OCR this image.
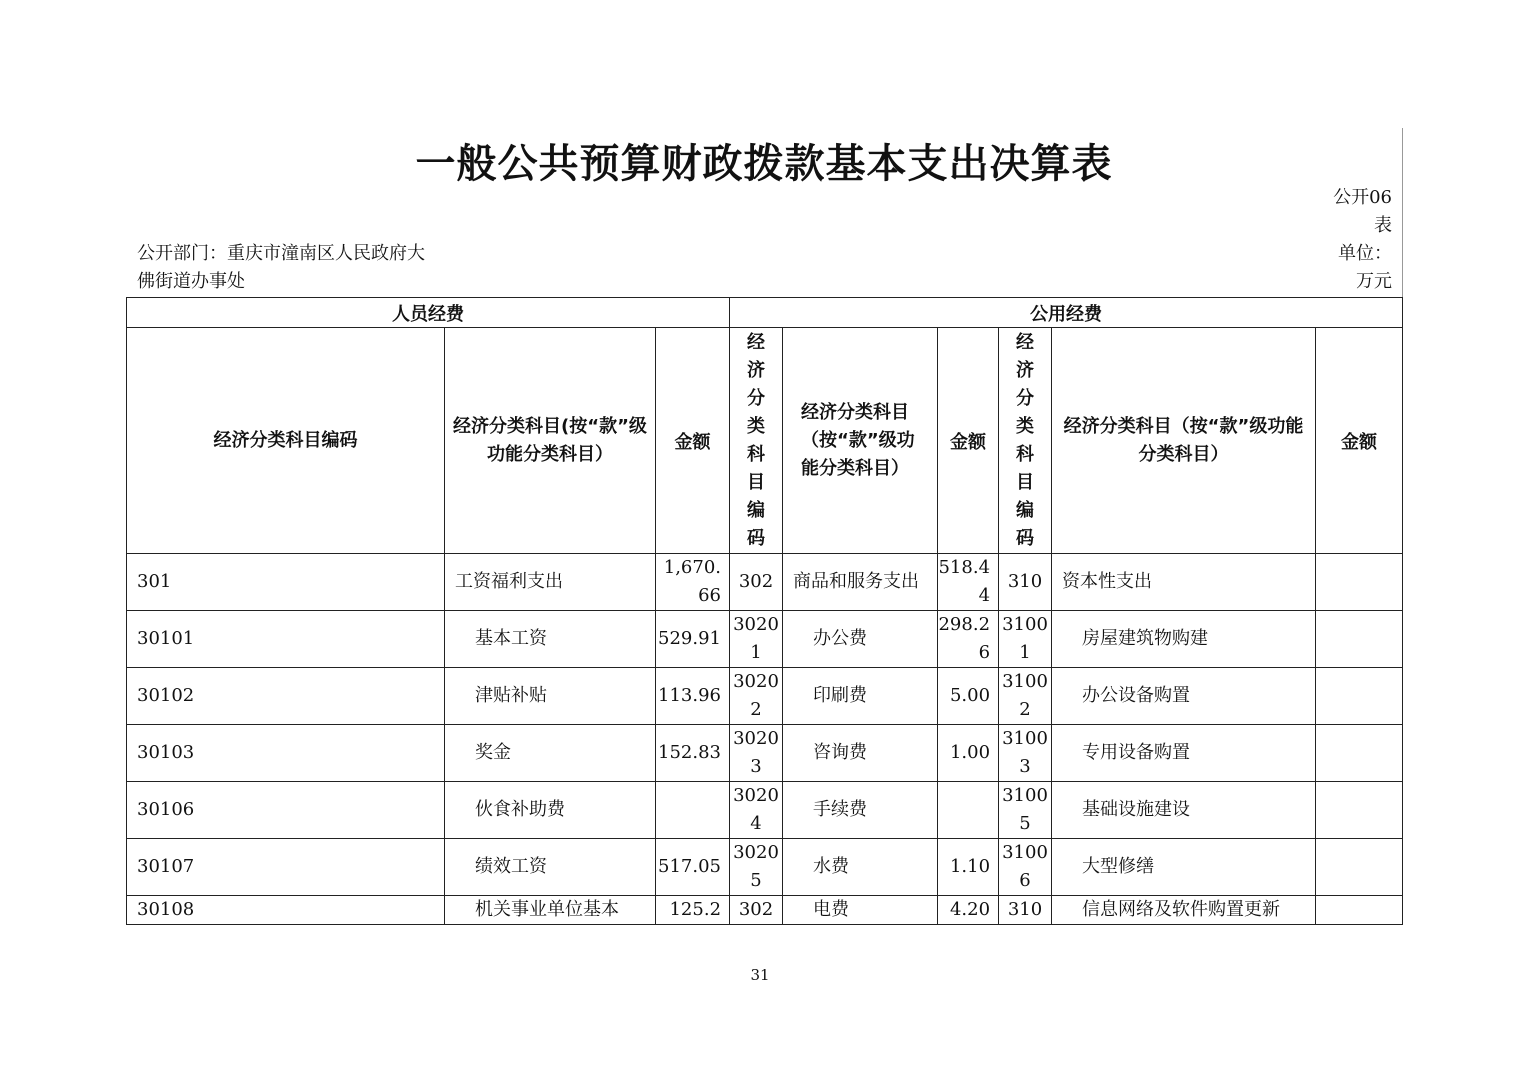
一般公共预算财政拨款基本支出决算表
公开06表
公开部门：重庆市潼南区人民政府大佛街道办事处
单位：万元
人员经费			公用经费					

经济分类科目编码	经济分类科目(按“款”级功能分类科目）	金额	经济分类科目编码	经济分类科目（按“款”级功能分类科目）	金额	经济分类科目编码	经济分类科目（按“款”级功能分类科目）	金额
301	工资福利支出	1,670.66	302	商品和服务支出	518.44	310	资本性支出	
30101	基本工资	529.91	30201	办公费	298.26	31001	房屋建筑物购建	
30102	津贴补贴	113.96	30202	印刷费	5.00	31002	办公设备购置	
30103	奖金	152.83	30203	咨询费	1.00	31003	专用设备购置	
30106	伙食补助费		30204	手续费		31005	基础设施建设	
30107	绩效工资	517.05	30205	水费	1.10	31006	大型修缮	
30108	机关事业单位基本	125.2	302	电费	4.20	310	信息网络及软件购置更新	
31
